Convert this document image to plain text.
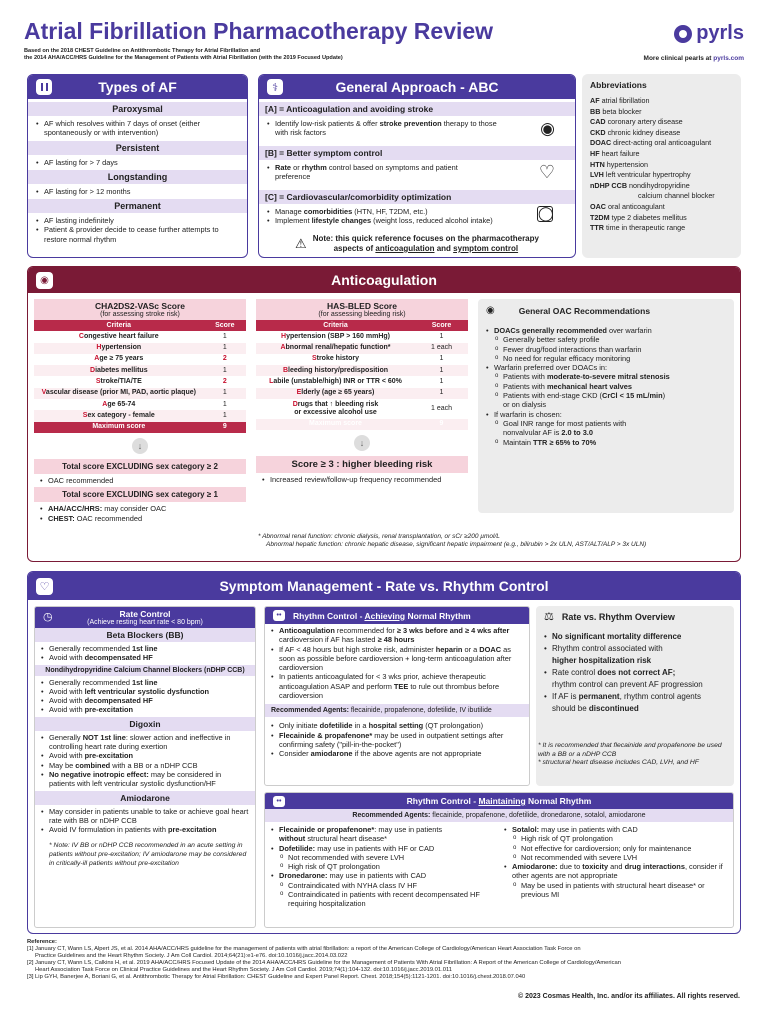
Atrial Fibrillation Pharmacotherapy Review
Based on the 2018 CHEST Guideline on Antithrombotic Therapy for Atrial Fibrillation and
the 2014 AHA/ACC/HRS Guideline for the Management of Patients with Atrial Fibrillation (with the 2019 Focused Update)
pyrls
More clinical pearls at pyrls.com
Types of AF
Paroxysmal
• AF which resolves within 7 days of onset (either spontaneously or with intervention)
Persistent
• AF lasting for > 7 days
Longstanding
• AF lasting for > 12 months
Permanent
• AF lasting indefinitely
• Patient & provider decide to cease further attempts to restore normal rhythm
⚕	General Approach - ABC
[A] = Anticoagulation and avoiding stroke
• Identify low-risk patients & offer stroke prevention therapy to those with risk factors	◉
[B] = Better symptom control
• Rate or rhythm control based on symptoms and patient preference	♡
[C] = Cardiovascular/comorbidity optimization
• Manage comorbidities (HTN, HF, T2DM, etc.)
• Implement lifestyle changes (weight loss, reduced alcohol intake)	◯
⚠ Note: this quick reference focuses on the pharmacotherapy
aspects of anticoagulation and symptom control
Abbreviations

AF atrial fibrillation

BB beta blocker

CAD coronary artery disease

CKD chronic kidney disease

DOAC direct-acting oral anticoagulant

HF heart failure

HTN hypertension

LVH left ventricular hypertrophy

nDHP CCB nondihydropyridine

calcium channel blocker

OAC oral anticoagulant

T2DM type 2 diabetes mellitus

TTR time in therapeutic range

◉	Anticoagulation
CHA2DS2-VASc Score
(for assessing stroke risk)
Criteria	Score
Congestive heart failure	1
Hypertension	1
Age ≥ 75 years	2
Diabetes mellitus	1
Stroke/TIA/TE	2
Vascular disease (prior MI, PAD, aortic plaque)	1
Age 65-74	1
Sex category - female	1
Maximum score	9
↓
Total score EXCLUDING sex category ≥ 2
• OAC recommended
Total score EXCLUDING sex category ≥ 1
• AHA/ACC/HRS: may consider OAC
• CHEST: OAC recommended
HAS-BLED Score
(for assessing bleeding risk)
Criteria	Score
Hypertension (SBP > 160 mmHg)	1
Abnormal renal/hepatic function*	1 each
Stroke history	1
Bleeding history/predisposition	1
Labile (unstable/high) INR or TTR < 60%	1
Elderly (age ≥ 65 years)	1
Drugs that ↑ bleeding risk
or excessive alcohol use	1 each
Maximum score	9
↓
Score ≥ 3 : higher bleeding risk
• Increased review/follow-up frequency recommended
◉	General OAC Recommendations
• DOACs generally recommended over warfarin
o Generally better safety profile
o Fewer drug/food interactions than warfarin
o No need for regular efficacy monitoring
• Warfarin preferred over DOACs in:
o Patients with moderate-to-severe mitral stenosis
o Patients with mechanical heart valves
o Patients with end-stage CKD (CrCl < 15 mL/min)
or on dialysis
• If warfarin is chosen:
o Goal INR range for most patients with
nonvalvular AF is 2.0 to 3.0
o Maintain TTR ≥ 65% to 70%
* Abnormal renal function: chronic dialysis, renal transplantation, or sCr ≥200 µmol/L
Abnormal hepatic function: chronic hepatic disease, significant hepatic impairment (e.g., bilirubin > 2x ULN, AST/ALT/ALP > 3x ULN)
♡	Symptom Management - Rate vs. Rhythm Control
◷	Rate Control
(Achieve resting heart rate < 80 bpm)
Beta Blockers (BB)
• Generally recommended 1st line
• Avoid with decompensated HF
Nondihydropyridine Calcium Channel Blockers (nDHP CCB)
• Generally recommended 1st line
• Avoid with left ventricular systolic dysfunction
• Avoid with decompensated HF
• Avoid with pre-excitation
Digoxin
• Generally NOT 1st line: slower action and ineffective in controlling heart rate during exertion
• Avoid with pre-excitation
• May be combined with a BB or a nDHP CCB
• No negative inotropic effect: may be considered in patients with left ventricular systolic dysfunction/HF
Amiodarone
• May consider in patients unable to take or achieve goal heart rate with BB or nDHP CCB
• Avoid IV formulation in patients with pre-excitation
* Note: IV BB or nDHP CCB recommended in an acute setting in patients without pre-excitation; IV amiodarone may be considered in critically-ill patients without pre-excitation
••	Rhythm Control - Achieving Normal Rhythm
• Anticoagulation recommended for ≥ 3 wks before and ≥ 4 wks after cardioversion if AF has lasted ≥ 48 hours
• If AF < 48 hours but high stroke risk, administer heparin or a DOAC as soon as possible before cardioversion + long-term anticoagulation after cardioversion
• In patients anticoagulated for < 3 wks prior, achieve therapeutic anticoagulation ASAP and perform TEE to rule out thrombus before cardioversion
Recommended Agents: flecainide, propafenone, dofetilide, IV ibutilide
• Only initiate dofetilide in a hospital setting (QT prolongation)
• Flecainide & propafenone* may be used in outpatient settings after confirming safety ("pill-in-the-pocket")
• Consider amiodarone if the above agents are not appropriate
⚖ Rate vs. Rhythm Overview
• No significant mortality difference
• Rhythm control associated with
higher hospitalization risk
• Rate control does not correct AF;
rhythm control can prevent AF progression
• If AF is permanent, rhythm control agents
should be discontinued
* It is recommended that flecainide and propafenone be used with a BB or a nDHP CCB
* structural heart disease includes CAD, LVH, and HF
••	Rhythm Control - Maintaining Normal Rhythm
Recommended Agents: flecainide, propafenone, dofetilide, dronedarone, sotalol, amiodarone
• Flecainide or propafenone*: may use in patients
without structural heart disease*
• Dofetilide: may use in patients with HF or CAD
o Not recommended with severe LVH
o High risk of QT prolongation
• Dronedarone: may use in patients with CAD
o Contraindicated with NYHA class IV HF
o Contraindicated in patients with recent decompensated HF requiring hospitalization
• Sotalol: may use in patients with CAD
o High risk of QT prolongation
o Not effective for cardioversion; only for maintenance
o Not recommended with severe LVH
• Amiodarone: due to toxicity and drug interactions, consider if other agents are not appropriate
o May be used in patients with structural heart disease* or previous MI
Reference:
[1] January CT, Wann LS, Alpert JS, et al. 2014 AHA/ACC/HRS guideline for the management of patients with atrial fibrillation: a report of the American College of Cardiology/American Heart Association Task Force on
Practice Guidelines and the Heart Rhythm Society. J Am Coll Cardiol. 2014;64(21):e1-e76. doi:10.1016/j.jacc.2014.03.022
[2] January CT, Wann LS, Calkins H, et al. 2019 AHA/ACC/HRS Focused Update of the 2014 AHA/ACC/HRS Guideline for the Management of Patients With Atrial Fibrillation: A Report of the American College of Cardiology/American
Heart Association Task Force on Clinical Practice Guidelines and the Heart Rhythm Society. J Am Coll Cardiol. 2019;74(1):104-132. doi:10.1016/j.jacc.2019.01.011
[3] Lip GYH, Banerjee A, Boriani G, et al. Antithrombotic Therapy for Atrial Fibrillation: CHEST Guideline and Expert Panel Report. Chest. 2018;154(5):1121-1201. doi:10.1016/j.chest.2018.07.040
© 2023 Cosmas Health, Inc. and/or its affiliates. All rights reserved.
